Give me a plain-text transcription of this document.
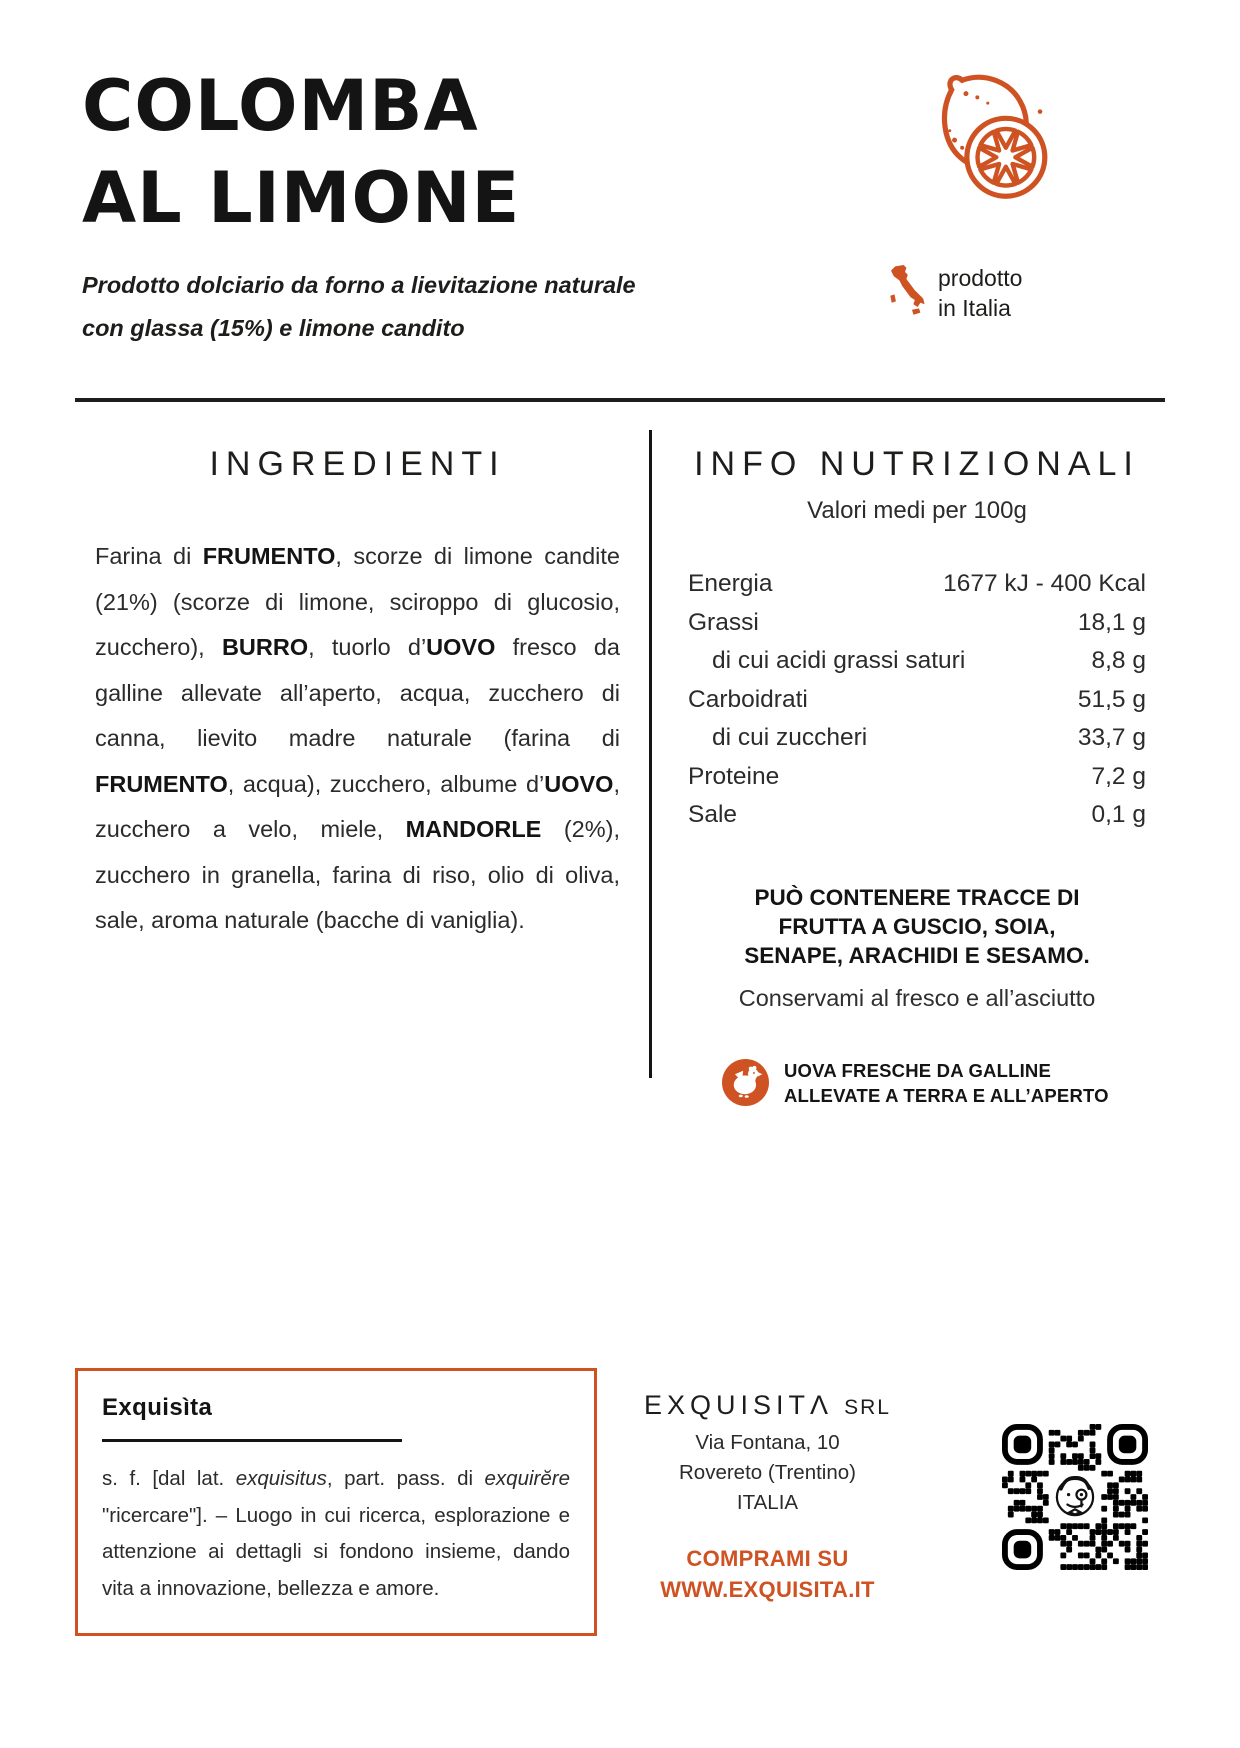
COLOMBA
AL LIMONE
Prodotto dolciario da forno a lievitazione naturale
con glassa (15%) e limone candito
prodotto
in Italia
INGREDIENTI
Farina di FRUMENTO, scorze di limone candite (21%) (scorze di limone, sciroppo di glucosio, zucchero), BURRO, tuorlo d’UOVO fresco da galline allevate all’aperto, acqua, zucchero di canna, lievito madre naturale (farina di FRUMENTO, acqua), zucchero, albume d’UOVO, zucchero a velo, miele, MANDORLE (2%), zucchero in granella, farina di riso, olio di oliva, sale, aroma naturale (bacche di vaniglia).
INFO NUTRIZIONALI
Valori medi per 100g
Energia	1677 kJ - 400 Kcal
Grassi	18,1 g
di cui acidi grassi saturi	8,8 g
Carboidrati	51,5 g
di cui zuccheri	33,7 g
Proteine	7,2 g
Sale	0,1 g
PUÒ CONTENERE TRACCE DI
FRUTTA A GUSCIO, SOIA,
SENAPE, ARACHIDI E SESAMO.
Conservami al fresco e all’asciutto
UOVA FRESCHE DA GALLINE
ALLEVATE A TERRA E ALL’APERTO
Exquisìta
s. f. [dal lat. exquisitus, part. pass. di exquirĕre "ricercare"]. – Luogo in cui ricerca, esplorazione e attenzione ai dettagli si fondono insieme, dando vita a innovazione, bellezza e amore.
EXQUISITΛ SRL
Via Fontana, 10
Rovereto (Trentino)
ITALIA
COMPRAMI SU
WWW.EXQUISITA.IT
